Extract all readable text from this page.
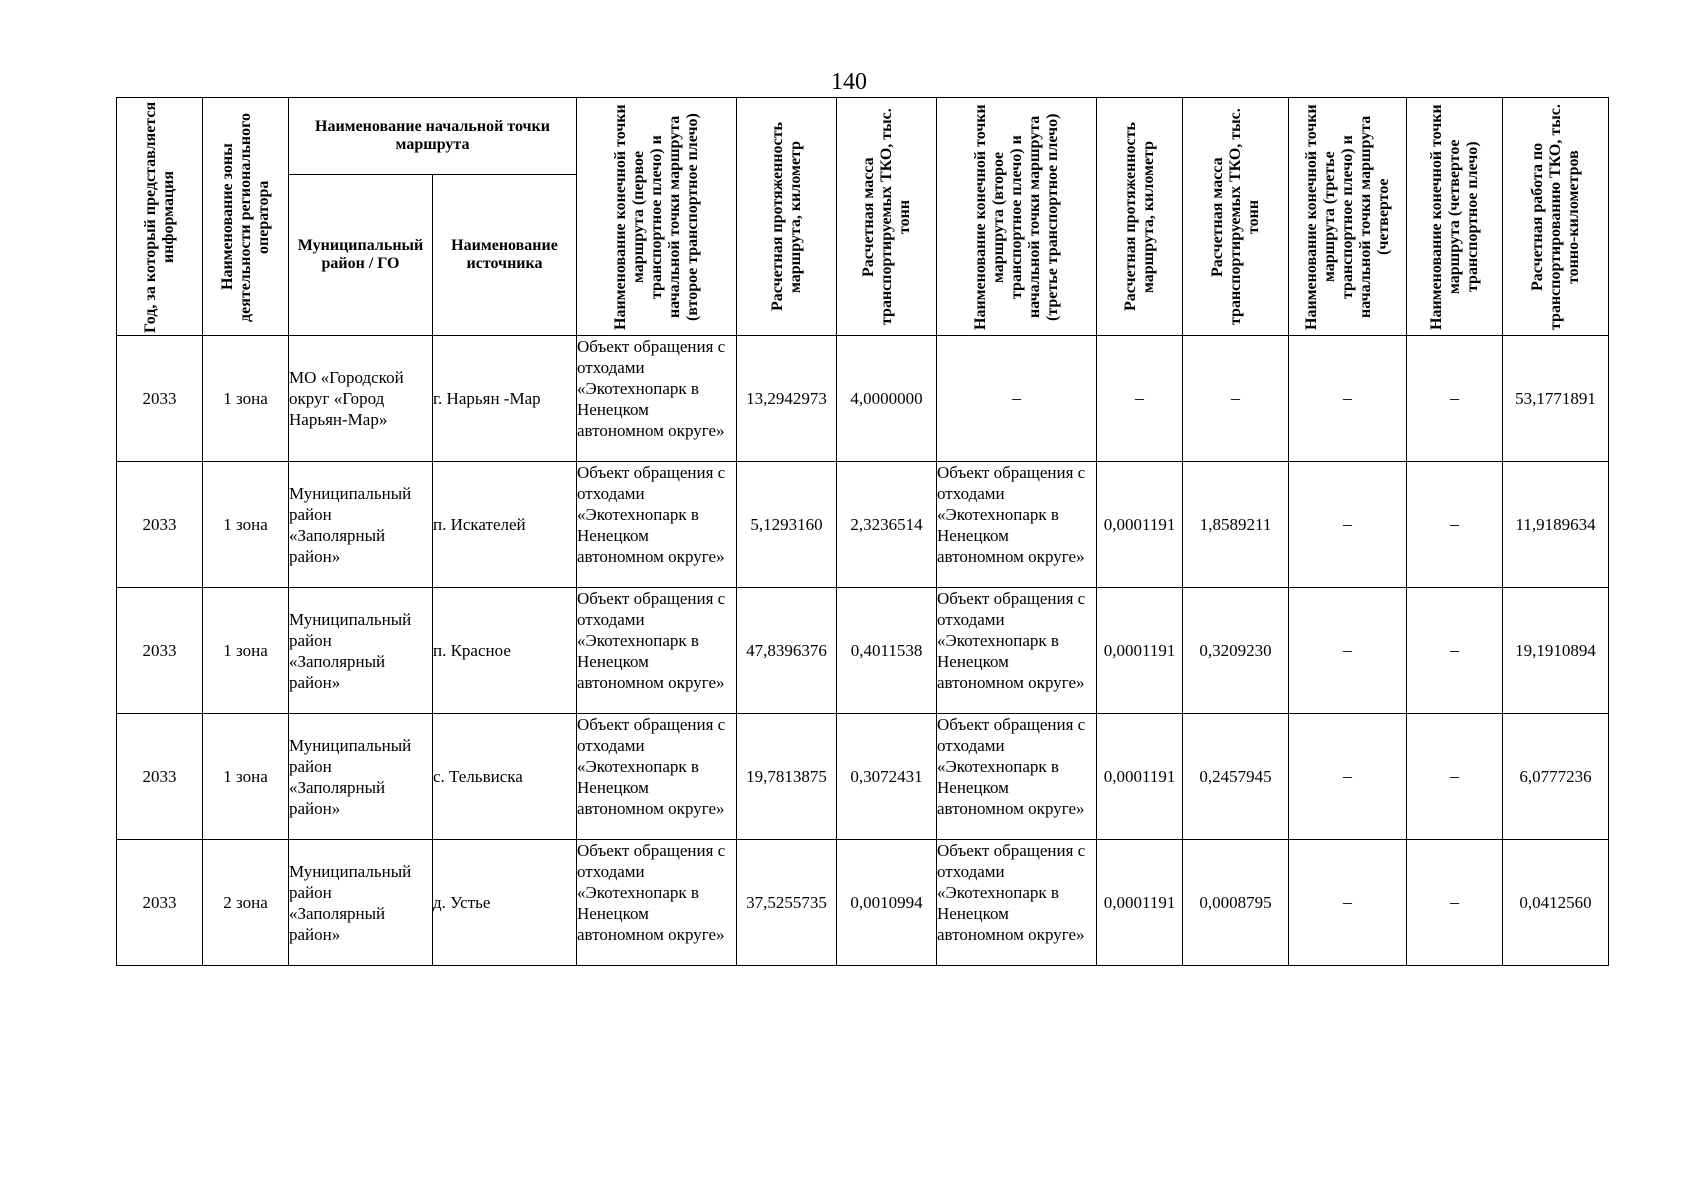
140
Год, за который представляется информация	Наименование зоны деятельности регионального оператора	Наименование начальной точки маршрута		Наименование конечной точки маршрута (первое транспортное плечо) и начальной точки маршрута (второе транспортное плечо)	Расчетная протяженность маршрута, километр	Расчетная масса транспортируемых ТКО, тыс. тонн	Наименование конечной точки маршрута (второе транспортное плечо) и начальной точки маршрута (третье транспортное плечо)	Расчетная протяженность маршрута, километр	Расчетная масса транспортируемых ТКО, тыс. тонн	Наименование конечной точки маршрута (третье транспортное плечо) и начальной точки маршрута (четвертое	Наименование конечной точки маршрута (четвертое транспортное плечо)	Расчетная работа по транспортированию ТКО, тыс. тонно-километров

		Муниципальный район / ГО	Наименование источника									
2033	1 зона	МО «Городской округ «Город Нарьян-Мар»	г. Нарьян -Мар	Объект обращения с отходами «Экотехнопарк в Ненецком автономном округе»	13,2942973	4,0000000	–	–	–	–	–	53,1771891
2033	1 зона	Муниципальный район «Заполярный район»	п. Искателей	Объект обращения с отходами «Экотехнопарк в Ненецком автономном округе»	5,1293160	2,3236514	Объект обращения с отходами «Экотехнопарк в Ненецком автономном округе»	0,0001191	1,8589211	–	–	11,9189634
2033	1 зона	Муниципальный район «Заполярный район»	п. Красное	Объект обращения с отходами «Экотехнопарк в Ненецком автономном округе»	47,8396376	0,4011538	Объект обращения с отходами «Экотехнопарк в Ненецком автономном округе»	0,0001191	0,3209230	–	–	19,1910894
2033	1 зона	Муниципальный район «Заполярный район»	с. Тельвиска	Объект обращения с отходами «Экотехнопарк в Ненецком автономном округе»	19,7813875	0,3072431	Объект обращения с отходами «Экотехнопарк в Ненецком автономном округе»	0,0001191	0,2457945	–	–	6,0777236
2033	2 зона	Муниципальный район «Заполярный район»	д. Устье	Объект обращения с отходами «Экотехнопарк в Ненецком автономном округе»	37,5255735	0,0010994	Объект обращения с отходами «Экотехнопарк в Ненецком автономном округе»	0,0001191	0,0008795	–	–	0,0412560
